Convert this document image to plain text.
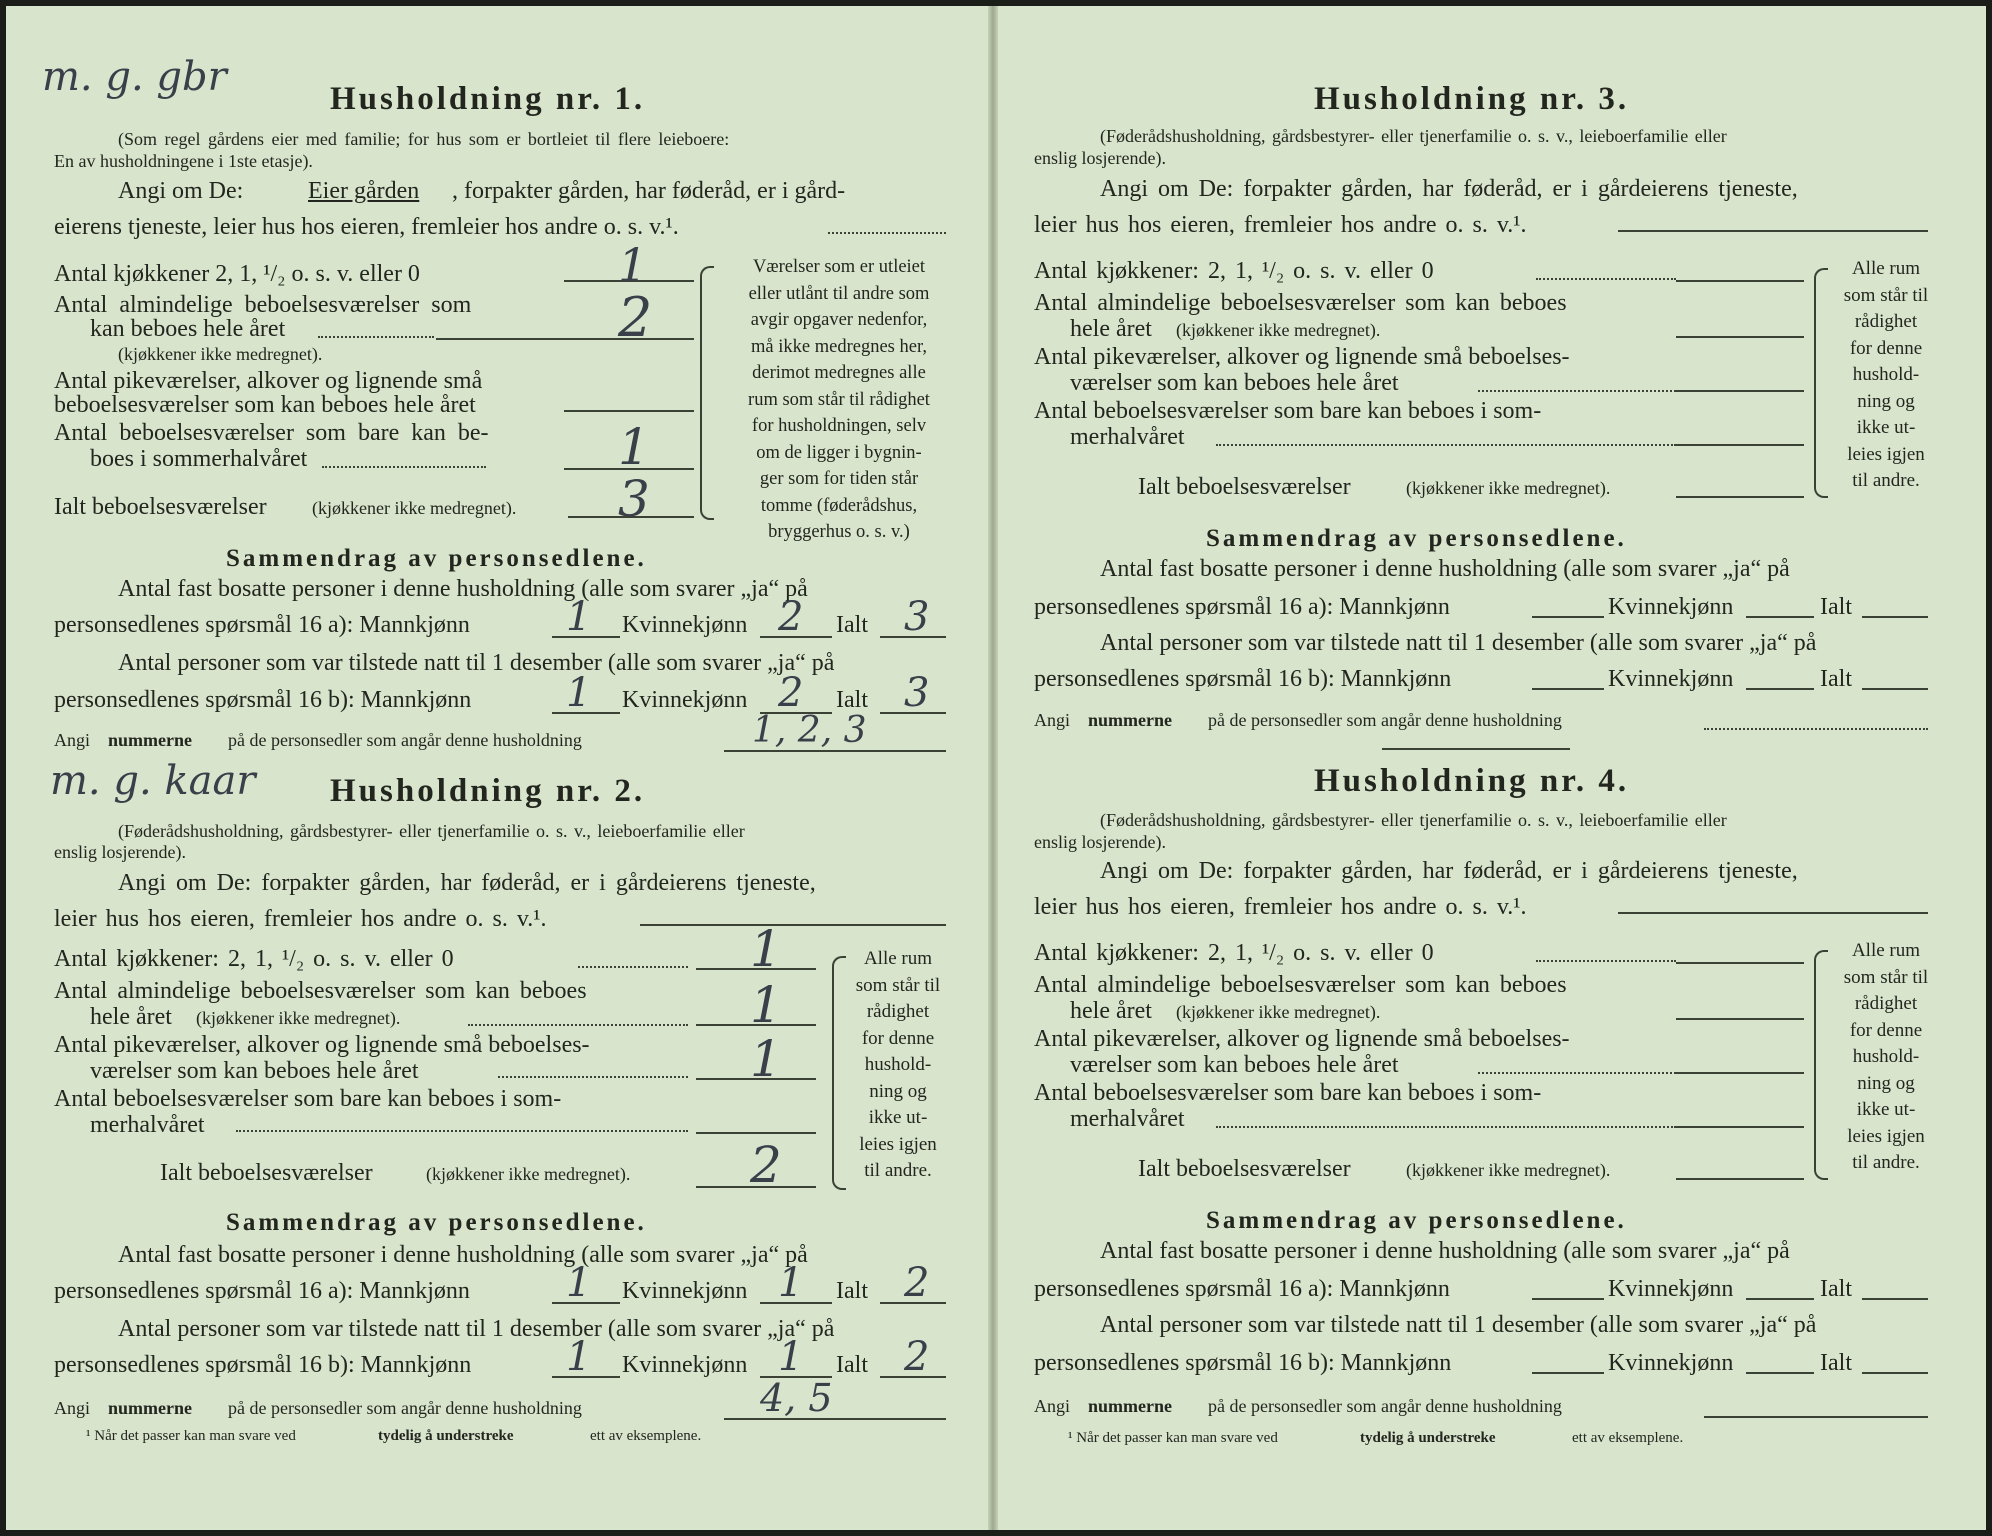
m. g. gbr	Husholdning nr. 1.
(Som regel gårdens eier med familie; for hus som er bortleiet til flere leieboere:
En av husholdningene i 1ste etasje).
Angi om De:	Eier gården , forpakter gården, har føderåd, er i gård-
eierens tjeneste, leier hus hos eieren, fremleier hos andre o. s. v.¹.
Antal kjøkkener 2, 1, ¹/₂ o. s. v. eller 0	1
Antal almindelige beboelsesværelser som
kan beboes hele året	2
(kjøkkener ikke medregnet).
Antal pikeværelser, alkover og lignende små
beboelsesværelser som kan beboes hele året
Antal beboelsesværelser som bare kan be-
boes i sommerhalvåret	1
Ialt beboelsesværelser	(kjøkkener ikke medregnet). 3
Værelser som er utleiet
eller utlånt til andre som
avgir opgaver nedenfor,
må ikke medregnes her,
derimot medregnes alle
rum som står til rådighet
for husholdningen, selv
om de ligger i bygnin-
ger som for tiden står
tomme (føderådshus,
bryggerhus o. s. v.)
Sammendrag av personsedlene.
Antal fast bosatte personer i denne husholdning (alle som svarer „ja“ på
personsedlenes spørsmål 16 a): Mannkjønn 1 Kvinnekjønn 2 Ialt 3
Antal personer som var tilstede natt til 1 desember (alle som svarer „ja“ på
personsedlenes spørsmål 16 b): Mannkjønn 1 Kvinnekjønn 2 Ialt 3
Angi nummerne på de personsedler som angår denne husholdning	1, 2, 3
m. g. kaar Husholdning nr. 2.
(Føderådshusholdning, gårdsbestyrer- eller tjenerfamilie o. s. v., leieboerfamilie eller
enslig losjerende).
Angi om De: forpakter gården, har føderåd, er i gårdeierens tjeneste,
leier hus hos eieren, fremleier hos andre o. s. v.¹.
Antal kjøkkener: 2, 1, ¹/₂ o. s. v. eller 0	1
Antal almindelige beboelsesværelser som kan beboes
hele året (kjøkkener ikke medregnet).	1
Antal pikeværelser, alkover og lignende små beboelses-
værelser som kan beboes hele året	1
Antal beboelsesværelser som bare kan beboes i som-
merhalvåret
Ialt beboelsesværelser	(kjøkkener ikke medregnet). 2
Alle rum
som står til
rådighet
for denne
hushold-
ning og
ikke ut-
leies igjen
til andre.
Sammendrag av personsedlene.
Antal fast bosatte personer i denne husholdning (alle som svarer „ja“ på
personsedlenes spørsmål 16 a): Mannkjønn 1 Kvinnekjønn 1 Ialt 2
Antal personer som var tilstede natt til 1 desember (alle som svarer „ja“ på
personsedlenes spørsmål 16 b): Mannkjønn 1 Kvinnekjønn 1 Ialt 2
Angi nummerne på de personsedler som angår denne husholdning	4, 5
¹ Når det passer kan man svare ved	tydelig å understreke	ett av eksemplene.
Husholdning nr. 3.
(Føderådshusholdning, gårdsbestyrer- eller tjenerfamilie o. s. v., leieboerfamilie eller
enslig losjerende).
Angi om De: forpakter gården, har føderåd, er i gårdeierens tjeneste,
leier hus hos eieren, fremleier hos andre o. s. v.¹.
Antal kjøkkener: 2, 1, ¹/₂ o. s. v. eller 0
Antal almindelige beboelsesværelser som kan beboes
hele året (kjøkkener ikke medregnet).
Antal pikeværelser, alkover og lignende små beboelses-
værelser som kan beboes hele året
Antal beboelsesværelser som bare kan beboes i som-
merhalvåret
Ialt beboelsesværelser	(kjøkkener ikke medregnet).
Alle rum
som står til
rådighet
for denne
hushold-
ning og
ikke ut-
leies igjen
til andre.
Sammendrag av personsedlene.
Antal fast bosatte personer i denne husholdning (alle som svarer „ja“ på
personsedlenes spørsmål 16 a): Mannkjønn	Kvinnekjønn	Ialt
Antal personer som var tilstede natt til 1 desember (alle som svarer „ja“ på
personsedlenes spørsmål 16 b): Mannkjønn	Kvinnekjønn	Ialt
Angi nummerne på de personsedler som angår denne husholdning
Husholdning nr. 4.
(Føderådshusholdning, gårdsbestyrer- eller tjenerfamilie o. s. v., leieboerfamilie eller
enslig losjerende).
Angi om De: forpakter gården, har føderåd, er i gårdeierens tjeneste,
leier hus hos eieren, fremleier hos andre o. s. v.¹.
Antal kjøkkener: 2, 1, ¹/₂ o. s. v. eller 0
Antal almindelige beboelsesværelser som kan beboes
hele året (kjøkkener ikke medregnet).
Antal pikeværelser, alkover og lignende små beboelses-
værelser som kan beboes hele året
Antal beboelsesværelser som bare kan beboes i som-
merhalvåret
Ialt beboelsesværelser	(kjøkkener ikke medregnet).
Alle rum
som står til
rådighet
for denne
hushold-
ning og
ikke ut-
leies igjen
til andre.
Sammendrag av personsedlene.
Antal fast bosatte personer i denne husholdning (alle som svarer „ja“ på
personsedlenes spørsmål 16 a): Mannkjønn	Kvinnekjønn	Ialt
Antal personer som var tilstede natt til 1 desember (alle som svarer „ja“ på
personsedlenes spørsmål 16 b): Mannkjønn	Kvinnekjønn	Ialt
Angi nummerne på de personsedler som angår denne husholdning
¹ Når det passer kan man svare ved	tydelig å understreke	ett av eksemplene.
